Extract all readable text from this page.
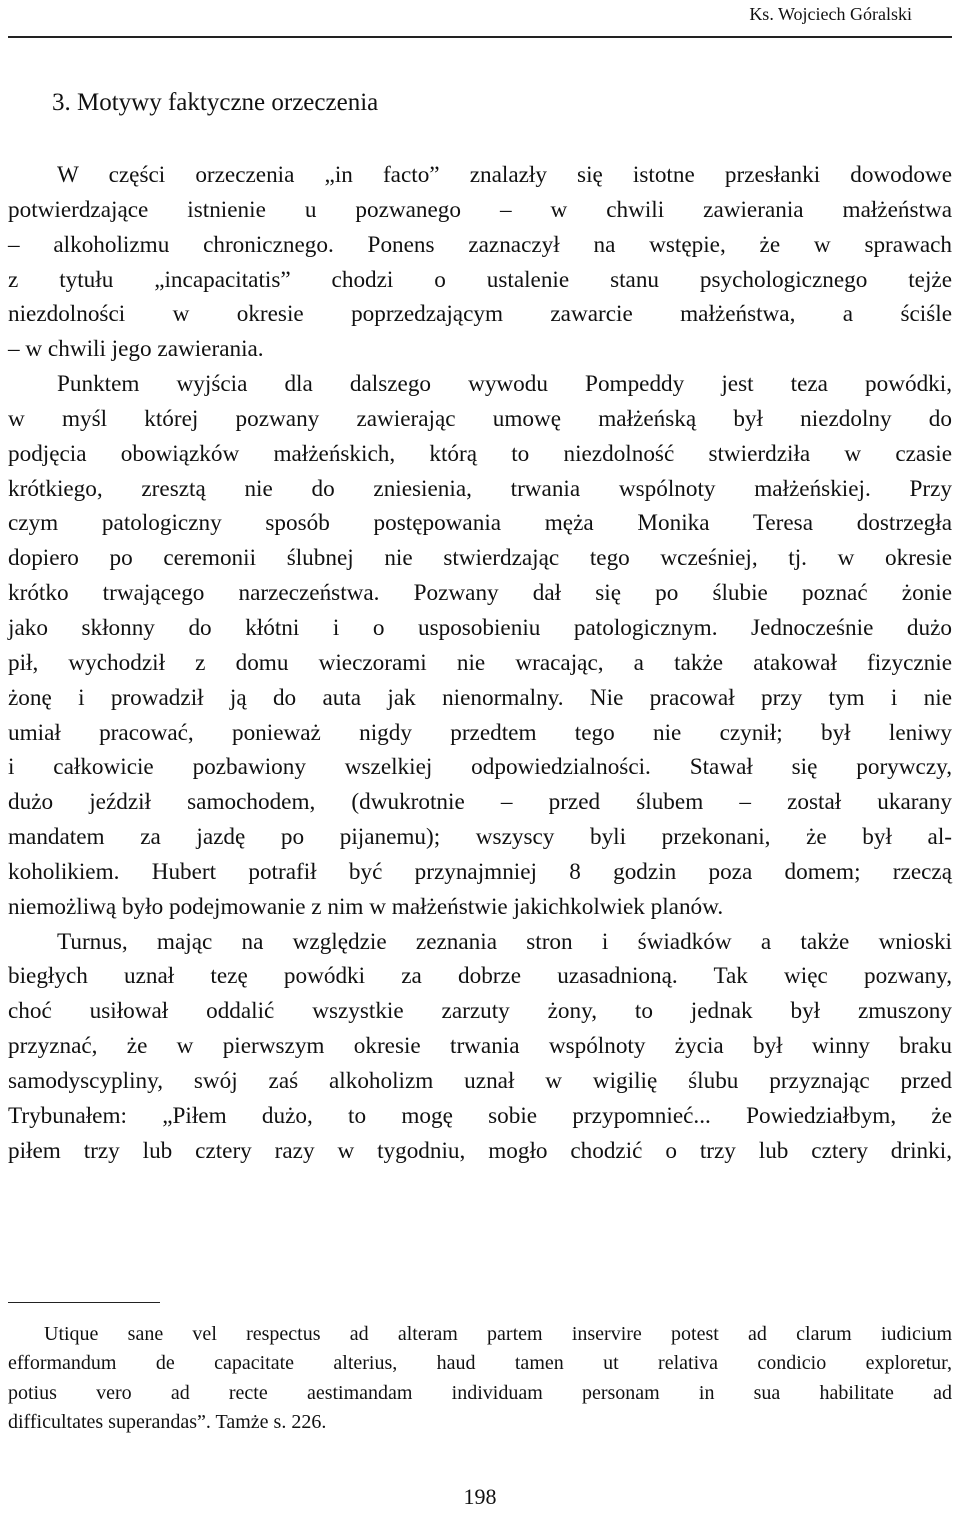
Ks. Wojciech Góralski
3. Motywy faktyczne orzeczenia
W części orzeczenia „in facto” znalazły się istotne przesłanki dowodowe
potwierdzające istnienie u pozwanego – w chwili zawierania małżeństwa
– alkoholizmu chronicznego. Ponens zaznaczył na wstępie, że w sprawach
z tytułu „incapacitatis” chodzi o ustalenie stanu psychologicznego tejże
niezdolności w okresie poprzedzającym zawarcie małżeństwa, a ściśle
– w chwili jego zawierania.
Punktem wyjścia dla dalszego wywodu Pompeddy jest teza powódki,
w myśl której pozwany zawierając umowę małżeńską był niezdolny do
podjęcia obowiązków małżeńskich, którą to niezdolność stwierdziła w czasie
krótkiego, zresztą nie do zniesienia, trwania wspólnoty małżeńskiej. Przy
czym patologiczny sposób postępowania męża Monika Teresa dostrzegła
dopiero po ceremonii ślubnej nie stwierdzając tego wcześniej, tj. w okresie
krótko trwającego narzeczeństwa. Pozwany dał się po ślubie poznać żonie
jako skłonny do kłótni i o usposobieniu patologicznym. Jednocześnie dużo
pił, wychodził z domu wieczorami nie wracając, a także atakował fizycznie
żonę i prowadził ją do auta jak nienormalny. Nie pracował przy tym i nie
umiał pracować, ponieważ nigdy przedtem tego nie czynił; był leniwy
i całkowicie pozbawiony wszelkiej odpowiedzialności. Stawał się porywczy,
dużo jeździł samochodem, (dwukrotnie – przed ślubem – został ukarany
mandatem za jazdę po pijanemu); wszyscy byli przekonani, że był al-
koholikiem. Hubert potrafił być przynajmniej 8 godzin poza domem; rzeczą
niemożliwą było podejmowanie z nim w małżeństwie jakichkolwiek planów.
Turnus, mając na względzie zeznania stron i świadków a także wnioski
biegłych uznał tezę powódki za dobrze uzasadnioną. Tak więc pozwany,
choć usiłował oddalić wszystkie zarzuty żony, to jednak był zmuszony
przyznać, że w pierwszym okresie trwania wspólnoty życia był winny braku
samodyscypliny, swój zaś alkoholizm uznał w wigilię ślubu przyznając przed
Trybunałem: „Piłem dużo, to mogę sobie przypomnieć... Powiedziałbym, że
piłem trzy lub cztery razy w tygodniu, mogło chodzić o trzy lub cztery drinki,
Utique sane vel respectus ad alteram partem inservire potest ad clarum iudicium
efformandum de capacitate alterius, haud tamen ut relativa condicio exploretur,
potius vero ad recte aestimandam individuam personam in sua habilitate ad
difficultates superandas”. Tamże s. 226.
198
